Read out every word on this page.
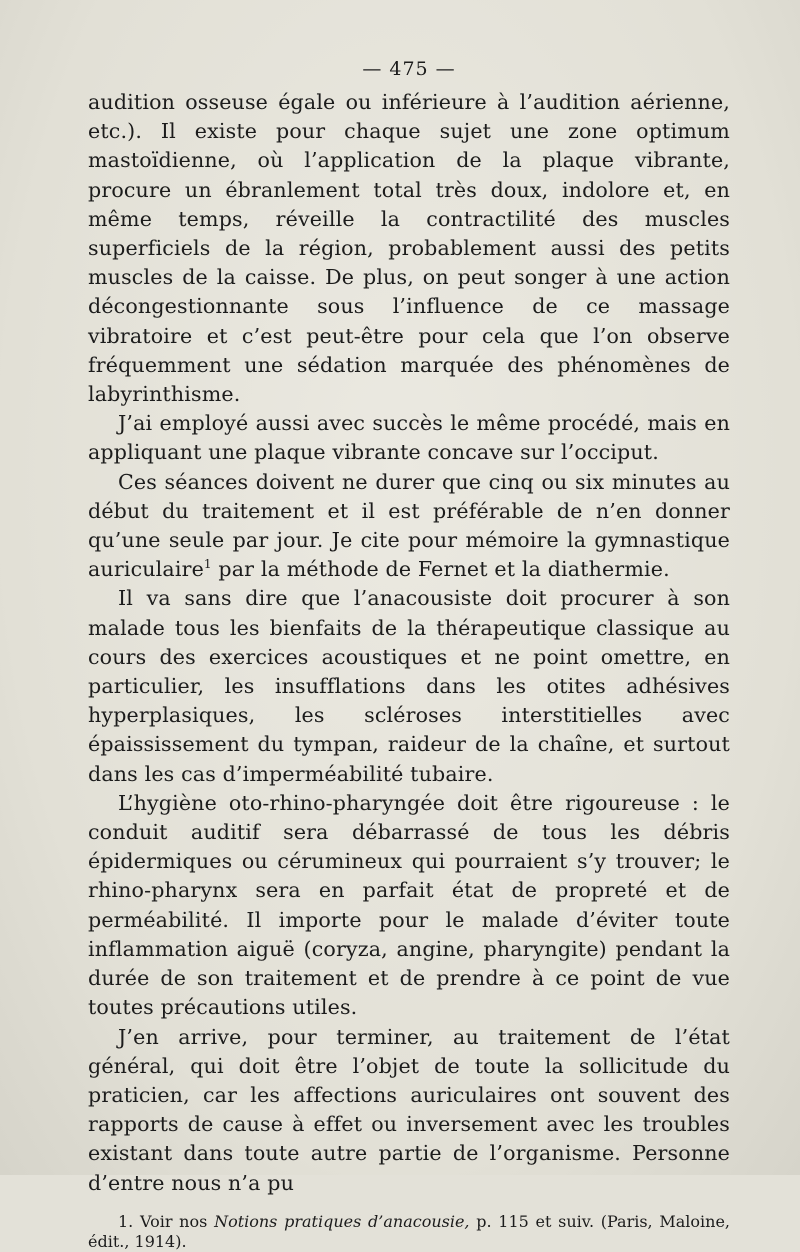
— 475 —

audition osseuse égale ou inférieure à l’audition aérienne, etc.). Il existe pour chaque sujet une zone optimum mastoïdienne, où l’application de la plaque vibrante, procure un ébranlement total très doux, indolore et, en même temps, réveille la contractilité des muscles superficiels de la région, probablement aussi des petits muscles de la caisse. De plus, on peut songer à une action décongestionnante sous l’influence de ce massage vibratoire et c’est peut-être pour cela que l’on observe fréquemment une sédation marquée des phénomènes de labyrinthisme.

J’ai employé aussi avec succès le même procédé, mais en appliquant une plaque vibrante concave sur l’occiput.

Ces séances doivent ne durer que cinq ou six minutes au début du traitement et il est préférable de n’en donner qu’une seule par jour. Je cite pour mémoire la gymnastique auriculaire$^1$ par la méthode de Fernet et la diathermie.

Il va sans dire que l’anacousiste doit procurer à son malade tous les bienfaits de la thérapeutique classique au cours des exercices acoustiques et ne point omettre, en particulier, les insufflations dans les otites adhésives hyperplasiques, les scléroses interstitielles avec épaississement du tympan, raideur de la chaîne, et surtout dans les cas d’imperméabilité tubaire.

L’hygiène oto-rhino-pharyngée doit être rigoureuse : le conduit auditif sera débarrassé de tous les débris épidermiques ou cérumineux qui pourraient s’y trouver; le rhino-pharynx sera en parfait état de propreté et de perméabilité. Il importe pour le malade d’éviter toute inflammation aiguë (coryza, angine, pharyngite) pendant la durée de son traitement et de prendre à ce point de vue toutes précautions utiles.

J’en arrive, pour terminer, au traitement de l’état général, qui doit être l’objet de toute la sollicitude du praticien, car les affections auriculaires ont souvent des rapports de cause à effet ou inversement avec les troubles existant dans toute autre partie de l’organisme. Personne d’entre nous n’a pu

1. Voir nos Notions pratiques d’anacousie, p. 115 et suiv. (Paris, Maloine, édit., 1914).
